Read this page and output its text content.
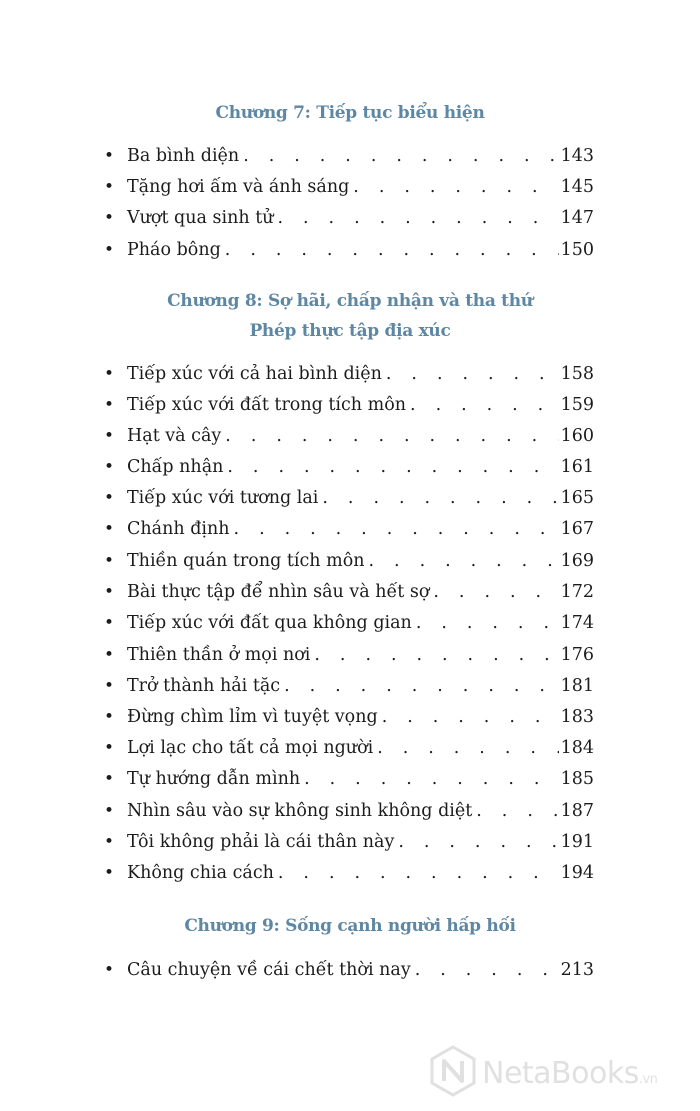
Chương 7: Tiếp tục biểu hiện
• Ba bình diện . . .	143
• Tặng hơi ấm và ánh sáng . . .	145
• Vượt qua sinh tử . . .	147
• Pháo bông . . .	150
Chương 8: Sợ hãi, chấp nhận và tha thứ
Phép thực tập địa xúc
• Tiếp xúc với cả hai bình diện . . .	158
• Tiếp xúc với đất trong tích môn . . .	159
• Hạt và cây . . .	160
• Chấp nhận . . .	161
• Tiếp xúc với tương lai . . .	165
• Chánh định . . .	167
• Thiền quán trong tích môn . . .	169
• Bài thực tập để nhìn sâu và hết sợ . . .	172
• Tiếp xúc với đất qua không gian . . .	174
• Thiên thần ở mọi nơi . . .	176
• Trở thành hải tặc . . .	181
• Đừng chìm lỉm vì tuyệt vọng . . .	183
• Lợi lạc cho tất cả mọi người . . .	184
• Tự hướng dẫn mình . . .	185
• Nhìn sâu vào sự không sinh không diệt . . .	187
• Tôi không phải là cái thân này . . .	191
• Không chia cách . . .	194
Chương 9: Sống cạnh người hấp hối
• Câu chuyện về cái chết thời nay . . .	213
NetaBooks.vn
